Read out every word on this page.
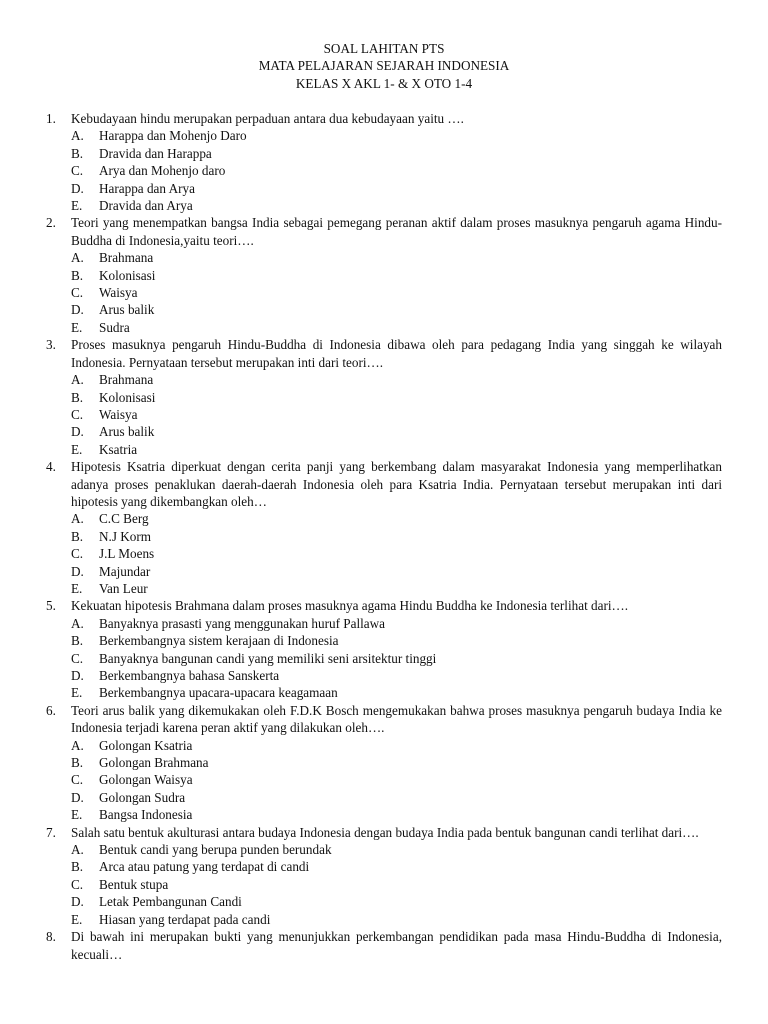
SOAL LAHITAN PTS
MATA PELAJARAN SEJARAH INDONESIA
KELAS X AKL 1- & X OTO 1-4
1. Kebudayaan hindu merupakan perpaduan antara dua kebudayaan yaitu ….
A. Harappa dan Mohenjo Daro
B. Dravida dan Harappa
C. Arya dan Mohenjo daro
D. Harappa dan Arya
E. Dravida dan Arya
2. Teori yang menempatkan bangsa India sebagai pemegang peranan aktif dalam proses masuknya pengaruh agama Hindu-Buddha di Indonesia,yaitu teori….
A. Brahmana
B. Kolonisasi
C. Waisya
D. Arus balik
E. Sudra
3. Proses masuknya pengaruh Hindu-Buddha di Indonesia dibawa oleh para pedagang India yang singgah ke wilayah Indonesia. Pernyataan tersebut merupakan inti dari teori….
A. Brahmana
B. Kolonisasi
C. Waisya
D. Arus balik
E. Ksatria
4. Hipotesis Ksatria diperkuat dengan cerita panji yang berkembang dalam masyarakat Indonesia yang memperlihatkan adanya proses penaklukan daerah-daerah Indonesia oleh para Ksatria India. Pernyataan tersebut merupakan inti dari hipotesis yang dikembangkan oleh…
A. C.C Berg
B. N.J Korm
C. J.L Moens
D. Majundar
E. Van Leur
5. Kekuatan hipotesis Brahmana dalam proses masuknya agama Hindu Buddha ke Indonesia terlihat dari….
A. Banyaknya prasasti yang menggunakan huruf Pallawa
B. Berkembangnya sistem kerajaan di Indonesia
C. Banyaknya bangunan candi yang memiliki seni arsitektur tinggi
D. Berkembangnya bahasa Sanskerta
E. Berkembangnya upacara-upacara keagamaan
6. Teori arus balik yang dikemukakan oleh F.D.K Bosch mengemukakan bahwa proses masuknya pengaruh budaya India ke Indonesia terjadi karena peran aktif yang dilakukan oleh….
A. Golongan Ksatria
B. Golongan Brahmana
C. Golongan Waisya
D. Golongan Sudra
E. Bangsa Indonesia
7. Salah satu bentuk akulturasi antara budaya Indonesia dengan budaya India pada bentuk bangunan candi terlihat dari….
A. Bentuk candi yang berupa punden berundak
B. Arca atau patung yang terdapat di candi
C. Bentuk stupa
D. Letak Pembangunan Candi
E. Hiasan yang terdapat pada candi
8. Di bawah ini merupakan bukti yang menunjukkan perkembangan pendidikan pada masa Hindu-Buddha di Indonesia, kecuali…
